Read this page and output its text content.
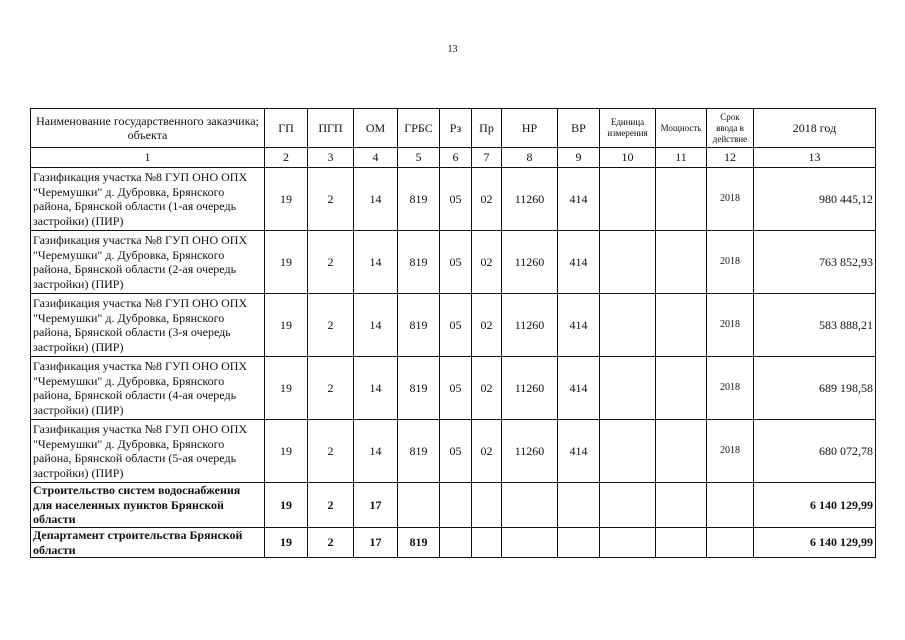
13
Наименование государственного заказчика; объекта	ГП	ПГП	ОМ	ГРБС	Рз	Пр	НР	ВР	Единица измерения	Мощность	Срок ввода в действие	2018 год
1	2	3	4	5	6	7	8	9	10	11	12	13
Газификация участка №8 ГУП ОНО ОПХ "Черемушки" д. Дубровка, Брянского района, Брянской области (1-ая очередь застройки) (ПИР)	19	2	14	819	05	02	11260	414			2018	980 445,12
Газификация участка №8 ГУП ОНО ОПХ "Черемушки" д. Дубровка, Брянского района, Брянской области (2-ая очередь застройки) (ПИР)	19	2	14	819	05	02	11260	414			2018	763 852,93
Газификация участка №8 ГУП ОНО ОПХ "Черемушки" д. Дубровка, Брянского района, Брянской области (3-я очередь застройки) (ПИР)	19	2	14	819	05	02	11260	414			2018	583 888,21
Газификация участка №8 ГУП ОНО ОПХ "Черемушки" д. Дубровка, Брянского района, Брянской области (4-ая очередь застройки) (ПИР)	19	2	14	819	05	02	11260	414			2018	689 198,58
Газификация участка №8 ГУП ОНО ОПХ "Черемушки" д. Дубровка, Брянского района, Брянской области (5-ая очередь застройки) (ПИР)	19	2	14	819	05	02	11260	414			2018	680 072,78
Строительство систем водоснабжения для населенных пунктов Брянской области	19	2	17									6 140 129,99
Департамент строительства Брянской области	19	2	17	819								6 140 129,99
